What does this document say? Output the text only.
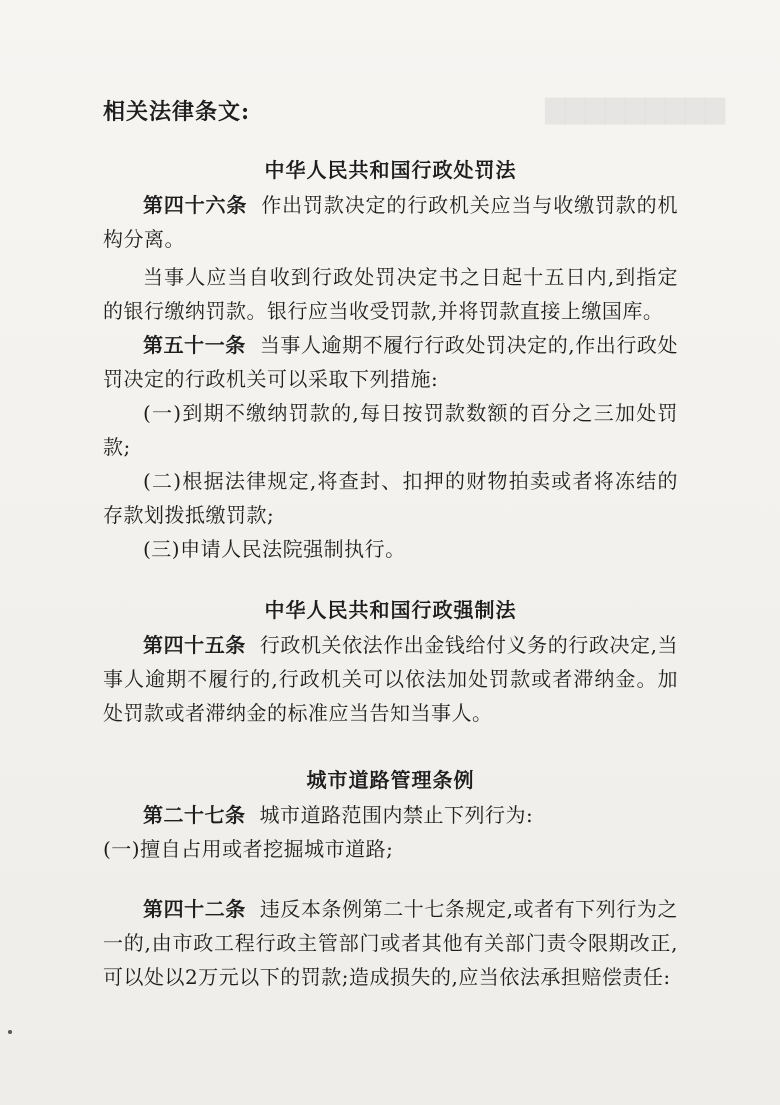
▇▇▇▇▇▇▇▇▇
相关法律条文:
中华人民共和国行政处罚法

第四十六条 作出罚款决定的行政机关应当与收缴罚款的机构分离。

当事人应当自收到行政处罚决定书之日起十五日内,到指定的银行缴纳罚款。银行应当收受罚款,并将罚款直接上缴国库。

第五十一条 当事人逾期不履行行政处罚决定的,作出行政处罚决定的行政机关可以采取下列措施:

(一)到期不缴纳罚款的,每日按罚款数额的百分之三加处罚款;

(二)根据法律规定,将查封、扣押的财物拍卖或者将冻结的存款划拨抵缴罚款;

(三)申请人民法院强制执行。

中华人民共和国行政强制法

第四十五条 行政机关依法作出金钱给付义务的行政决定,当事人逾期不履行的,行政机关可以依法加处罚款或者滞纳金。加处罚款或者滞纳金的标准应当告知当事人。

城市道路管理条例

第二十七条 城市道路范围内禁止下列行为:

(一)擅自占用或者挖掘城市道路;

第四十二条 违反本条例第二十七条规定,或者有下列行为之一的,由市政工程行政主管部门或者其他有关部门责令限期改正,可以处以2万元以下的罚款;造成损失的,应当依法承担赔偿责任:
